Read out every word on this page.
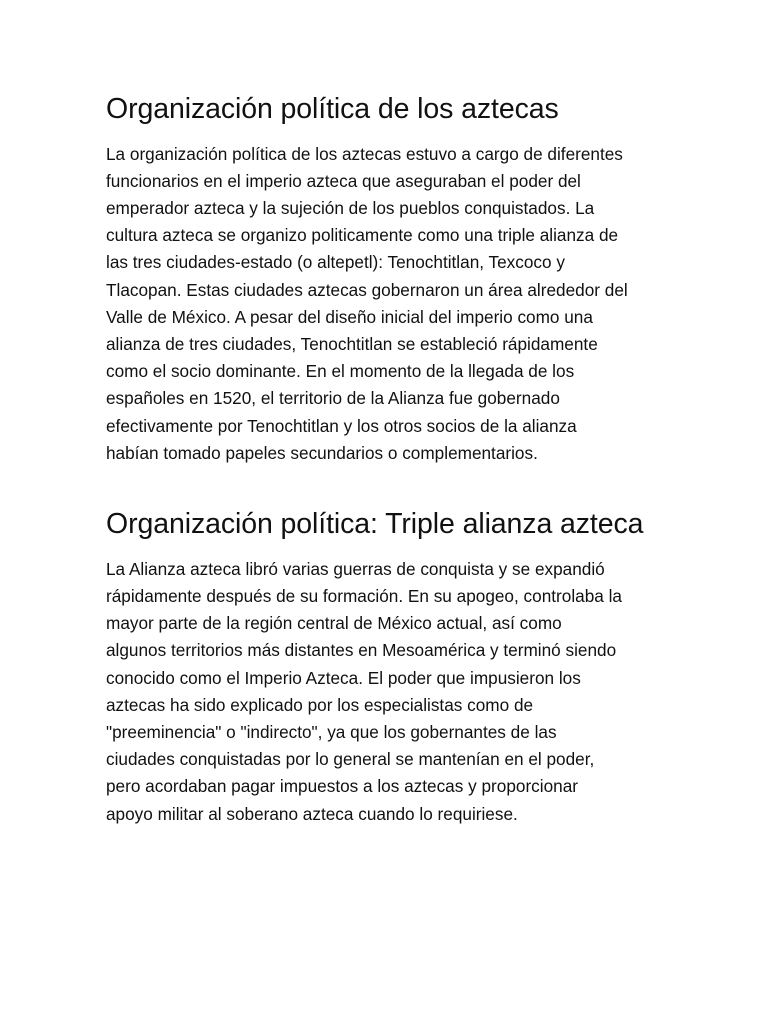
Organización política de los aztecas

La organización política de los aztecas estuvo a cargo de diferentes
funcionarios en el imperio azteca que aseguraban el poder del
emperador azteca y la sujeción de los pueblos conquistados. La
cultura azteca se organizo politicamente como una triple alianza de
las tres ciudades-estado (o altepetl): Tenochtitlan, Texcoco y
Tlacopan. Estas ciudades aztecas gobernaron un área alrededor del
Valle de México. A pesar del diseño inicial del imperio como una
alianza de tres ciudades, Tenochtitlan se estableció rápidamente
como el socio dominante. En el momento de la llegada de los
españoles en 1520, el territorio de la Alianza fue gobernado
efectivamente por Tenochtitlan y los otros socios de la alianza
habían tomado papeles secundarios o complementarios.

Organización política: Triple alianza azteca

La Alianza azteca libró varias guerras de conquista y se expandió
rápidamente después de su formación. En su apogeo, controlaba la
mayor parte de la región central de México actual, así como
algunos territorios más distantes en Mesoamérica y terminó siendo
conocido como el Imperio Azteca. El poder que impusieron los
aztecas ha sido explicado por los especialistas como de
"preeminencia" o "indirecto", ya que los gobernantes de las
ciudades conquistadas por lo general se mantenían en el poder,
pero acordaban pagar impuestos a los aztecas y proporcionar
apoyo militar al soberano azteca cuando lo requiriese.
